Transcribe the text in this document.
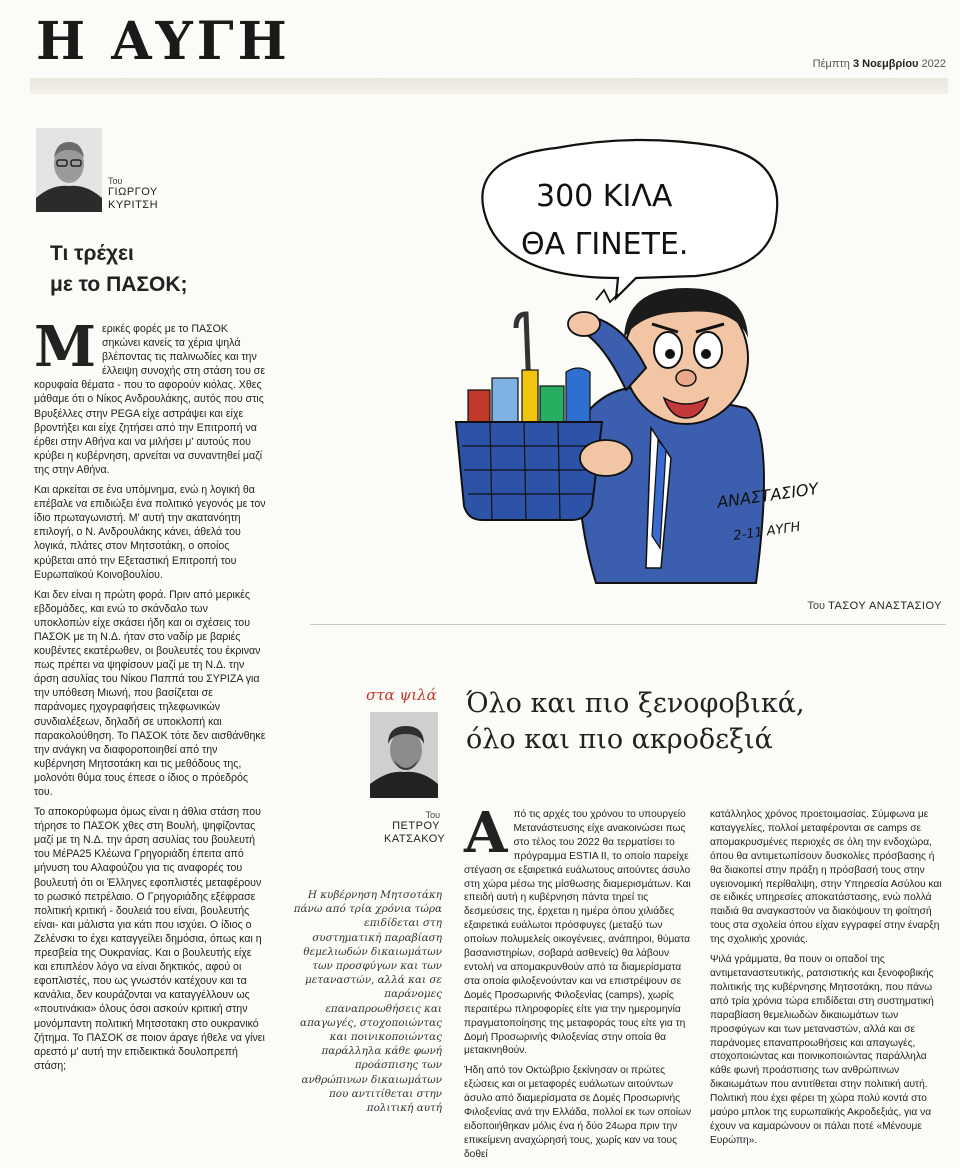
Η ΑΥΓΗ	Πέμπτη 3 Νοεμβρίου 2022
Του
ΓΙΩΡΓΟΥ
ΚΥΡΙΤΣΗ
Τι τρέχει
με το ΠΑΣΟΚ;

Μερικές φορές με το ΠΑΣΟΚ σηκώνει κανείς τα χέρια ψηλά βλέποντας τις παλινωδίες και την έλλειψη συνοχής στη στάση του σε κορυφαία θέματα - που το αφορούν κιόλας. Χθες μάθαμε ότι ο Νίκος Ανδρουλάκης, αυτός που στις Βρυξέλλες στην PEGA είχε αστράψει και είχε βροντήξει και είχε ζητήσει από την Επιτροπή να έρθει στην Αθήνα και να μιλήσει μ' αυτούς που κρύβει η κυβέρνηση, αρνείται να συναντηθεί μαζί της στην Αθήνα.

Και αρκείται σε ένα υπόμνημα, ενώ η λογική θα επέβαλε να επιδιώξει ένα πολιτικό γεγονός με τον ίδιο πρωταγωνιστή. Μ' αυτή την ακατανόητη επιλογή, ο Ν. Ανδρουλάκης κάνει, άθελά του λογικά, πλάτες στον Μητσοτάκη, ο οποίος κρύβεται από την Εξεταστική Επιτροπή του Ευρωπαϊκού Κοινοβουλίου.

Και δεν είναι η πρώτη φορά. Πριν από μερικές εβδομάδες, και ενώ το σκάνδαλο των υποκλοπών είχε σκάσει ήδη και οι σχέσεις του ΠΑΣΟΚ με τη Ν.Δ. ήταν στο ναδίρ με βαριές κουβέντες εκατέρωθεν, οι βουλευτές του έκριναν πως πρέπει να ψηφίσουν μαζί με τη Ν.Δ. την άρση ασυλίας του Νίκου Παππά του ΣΥΡΙΖΑ για την υπόθεση Μιωνή, που βασίζεται σε παράνομες ηχογραφήσεις τηλεφωνικών συνδιαλέξεων, δηλαδή σε υποκλοπή και παρακολούθηση. Το ΠΑΣΟΚ τότε δεν αισθάνθηκε την ανάγκη να διαφοροποιηθεί από την κυβέρνηση Μητσοτάκη και τις μεθόδους της, μολονότι θύμα τους έπεσε ο ίδιος ο πρόεδρός του.

Το αποκορύφωμα όμως είναι η άθλια στάση που τήρησε το ΠΑΣΟΚ χθες στη Βουλή, ψηφίζοντας μαζί με τη Ν.Δ. την άρση ασυλίας του βουλευτή του ΜέΡΑ25 Κλέωνα Γρηγοριάδη έπειτα από μήνυση του Αλαφούζου για τις αναφορές του βουλευτή ότι οι Έλληνες εφοπλιστές μεταφέρουν το ρωσικό πετρέλαιο. Ο Γρηγοριάδης εξέφρασε πολιτική κριτική - δουλειά του είναι, βουλευτής είναι- και μάλιστα για κάτι που ισχύει. Ο ίδιος ο Ζελένσκι το έχει καταγγείλει δημόσια, όπως και η πρεσβεία της Ουκρανίας. Και ο βουλευτής είχε και επιπλέον λόγο να είναι δηκτικός, αφού οι εφοπλιστές, που ως γνωστόν κατέχουν και τα κανάλια, δεν κουράζονται να καταγγέλλουν ως «πουτινάκια» όλους όσοι ασκούν κριτική στην μονόμπαντη πολιτική Μητσοτακη στο ουκρανικό ζήτημα. Το ΠΑΣΟΚ σε ποιον άραγε ήθελε να γίνει αρεστό μ' αυτή την επιδεικτικά δουλοπρεπή στάση;

300 ΚΙΛΑ
ΘΑ ΓΙΝΕΤΕ.
ΑΝΑΣΤΑΣΙΟΥ
2-11 ΑΥΓΗ
Του ΤΑΣΟΥ ΑΝΑΣΤΑΣΙΟΥ
στα ψιλά Όλο και πιο ξενοφοβικά,
όλο και πιο ακροδεξιά
Του
ΠΕΤΡΟΥ
ΚΑΤΣΑΚΟΥ
Η κυβέρνηση Μητσοτάκη πάνω από τρία χρόνια τώρα επιδίδεται στη συστηματική παραβίαση θεμελιωδών δικαιωμάτων των προσφύγων και των μεταναστών, αλλά και σε παράνομες επαναπροωθήσεις και απαγωγές, στοχοποιώντας και ποινικοποιώντας παράλληλα κάθε φωνή προάσπισης των ανθρώπινων δικαιωμάτων που αντιτίθεται στην πολιτική αυτή

Από τις αρχές του χρόνου το υπουργείο Μετανάστευσης είχε ανακοινώσει πως στο τέλος του 2022 θα τερματίσει το πρόγραμμα ESTIA II, το οποίο παρείχε στέγαση σε εξαιρετικά ευάλωτους αιτούντες άσυλο στη χώρα μέσω της μίσθωσης διαμερισμάτων. Και επειδή αυτή η κυβέρνηση πάντα τηρεί τις δεσμεύσεις της, έρχεται η ημέρα όπου χιλιάδες εξαιρετικά ευάλωτοι πρόσφυγες (μεταξύ των οποίων πολυμελείς οικογένειες, ανάπηροι, θύματα βασανιστηρίων, σοβαρά ασθενείς) θα λάβουν εντολή να απομακρυνθούν από τα διαμερίσματα στα οποία φιλοξενούνταν και να επιστρέψουν σε Δομές Προσωρινής Φιλοξενίας (camps), χωρίς περαιτέρω πληροφορίες είτε για την ημερομηνία πραγματοποίησης της μεταφοράς τους είτε για τη Δομή Προσωρινής Φιλοξενίας στην οποία θα μετακινηθούν.

Ήδη από τον Οκτώβριο ξεκίνησαν οι πρώτες εξώσεις και οι μεταφορές ευάλωτων αιτούντων άσυλο από διαμερίσματα σε Δομές Προσωρινής Φιλοξενίας ανά την Ελλάδα, πολλοί εκ των οποίων ειδοποιήθηκαν μόλις ένα ή δύο 24ωρα πριν την επικείμενη αναχώρησή τους, χωρίς καν να τους δοθεί

κατάλληλος χρόνος προετοιμασίας. Σύμφωνα με καταγγελίες, πολλοί μεταφέρονται σε camps σε απομακρυσμένες περιοχές σε όλη την ενδοχώρα, όπου θα αντιμετωπίσουν δυσκολίες πρόσβασης ή θα διακοπεί στην πράξη η πρόσβασή τους στην υγειονομική περίθαλψη, στην Υπηρεσία Ασύλου και σε ειδικές υπηρεσίες αποκατάστασης, ενώ πολλά παιδιά θα αναγκαστούν να διακόψουν τη φοίτησή τους στα σχολεία όπου είχαν εγγραφεί στην έναρξη της σχολικής χρονιάς.

Ψιλά γράμματα, θα πουν οι οπαδοί της αντιμεταναστευτικής, ρατσιστικής και ξενοφοβικής πολιτικής της κυβέρνησης Μητσοτάκη, που πάνω από τρία χρόνια τώρα επιδίδεται στη συστηματική παραβίαση θεμελιωδών δικαιωμάτων των προσφύγων και των μεταναστών, αλλά και σε παράνομες επαναπροωθήσεις και απαγωγές, στοχοποιώντας και ποινικοποιώντας παράλληλα κάθε φωνή προάσπισης των ανθρώπινων δικαιωμάτων που αντιτίθεται στην πολιτική αυτή. Πολιτική που έχει φέρει τη χώρα πολύ κοντά στο μαύρο μπλοκ της ευρωπαϊκής Ακροδεξιάς, για να έχουν να καμαρώνουν οι πάλαι ποτέ «Μένουμε Ευρώπη».
